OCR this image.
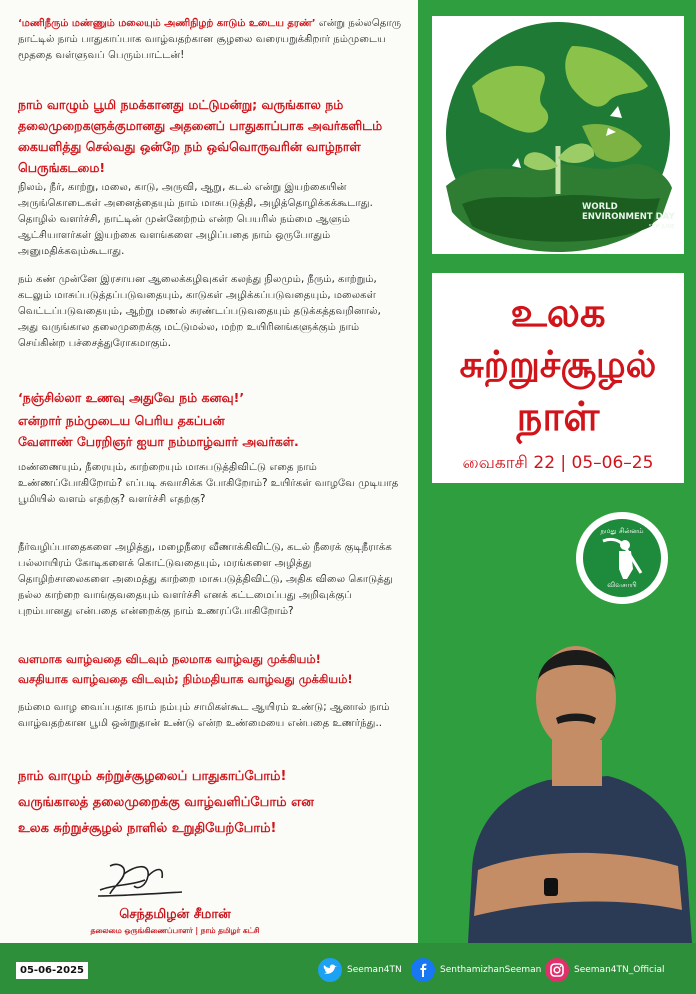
‘மணிநீரும் மண்ணும் மலையும் அணிநிழற் காடும் உடைய தரண்’ என்று நல்லதொரு நாட்டில் நாம் பாதுகாப்பாக வாழ்வதற்கான சூழலை வரையறுக்கிறார் நம்முடைய மூததை வள்ளுவப் பெரும்பாட்டன்!

நாம் வாழும் பூமி நமக்கானது மட்டுமன்று; வருங்கால நம் தலைமுறைகளுக்குமானது அதனைப் பாதுகாப்பாக அவர்களிடம் கையளித்து செல்வது ஒன்றே நம் ஒவ்வொருவரின் வாழ்நாள் பெருங்கடமை!

நிலம், நீர், காற்று, மலை, காடு, அருவி, ஆறு, கடல் என்று இயற்கையின் அருங்கொடைகள் அனைத்தையும் நாம் மாசுபடுத்தி, அழித்தொழிக்கக்கூடாது. தொழில் வளர்ச்சி, நாட்டின் முன்னேற்றம் என்ற பெயரில் நம்மை ஆளும் ஆட்சியாளர்கள் இயற்கை வளங்களை அழிப்பதை நாம் ஒருபோதும் அனுமதிக்கவும்கூடாது.

நம் கண் முன்னே இரசாயன ஆலைக்கழிவுகள் கலந்து நிலமும், நீரும், காற்றும், கடலும் மாசுப்படுத்தப்படுவதையும், காடுகள் அழிக்கப்படுவதையும், மலைகள் வெட்டப்படுவதையும், ஆற்று மணல் சுரண்டப்படுவதையும் தடுக்கத்தவறினால், அது வருங்கால தலைமுறைக்கு மட்டுமல்ல, மற்ற உயிரினங்களுக்கும் நாம் செய்கின்ற பச்சைத்துரோகமாகும்.

‘நஞ்சில்லா உணவு அதுவே நம் கனவு!’

என்றார் நம்முடைய பெரிய தகப்பன்

வேளாண் பேரறிஞர் ஐயா நம்மாழ்வார் அவர்கள்.

மண்ணையும், நீரையும், காற்றையும் மாசுபடுத்திவிட்டு எதை நாம் உண்ணப்போகிறோம்? எப்படி சுவாசிக்க போகிறோம்? உயிர்கள் வாழவே முடியாத பூமியில் வளம் எதற்கு? வளர்ச்சி எதற்கு?

நீர்வழிப்பாதைகளை அழித்து, மழைநீரை வீணாக்கிவிட்டு, கடல் நீரைக் குடிநீராக்க பல்லாயிரம் கோடிகளைக் கொட்டுவதையும், மரங்களை அழித்து தொழிற்சாலைகளை அமைத்து காற்றை மாசுபடுத்திவிட்டு, அதிக விலை கொடுத்து நல்ல காற்றை வாங்குவதையும் வளர்ச்சி எனக் கட்டமைப்பது அறிவுக்குப் புறம்பானது என்பதை என்றைக்கு நாம் உணரப்போகிறோம்?

வளமாக வாழ்வதை விடவும் நலமாக வாழ்வது முக்கியம்!

வசதியாக வாழ்வதை விடவும்; நிம்மதியாக வாழ்வது முக்கியம்!

நம்மை வாழ வைப்பதாக நாம் நம்பும் சாமிகள்கூட ஆயிரம் உண்டு; ஆனால் நாம் வாழ்வதற்கான பூமி ஒன்றுதான் உண்டு என்ற உண்மையை என்பதை உணர்ந்து..

நாம் வாழும் சுற்றுச்சூழலைப் பாதுகாப்போம்!

வருங்காலத் தலைமுறைக்கு வாழ்வளிப்போம் என

உலக சுற்றுச்சூழல் நாளில் உறுதியேற்போம்!

செந்தமிழன் சீமான்
தலைமை ஒருங்கிணைப்பாளர் | நாம் தமிழர் கட்சி
WORLD
ENVIRONMENT DAY
5TH JUNE
உலக
சுற்றுச்சூழல்
நாள்
வைகாசி 22 | 05–06–25
நமது சின்னம்
விவசாயி
05-06-2025	Seeman4TN	SenthamizhanSeeman	Seeman4TN_Official
